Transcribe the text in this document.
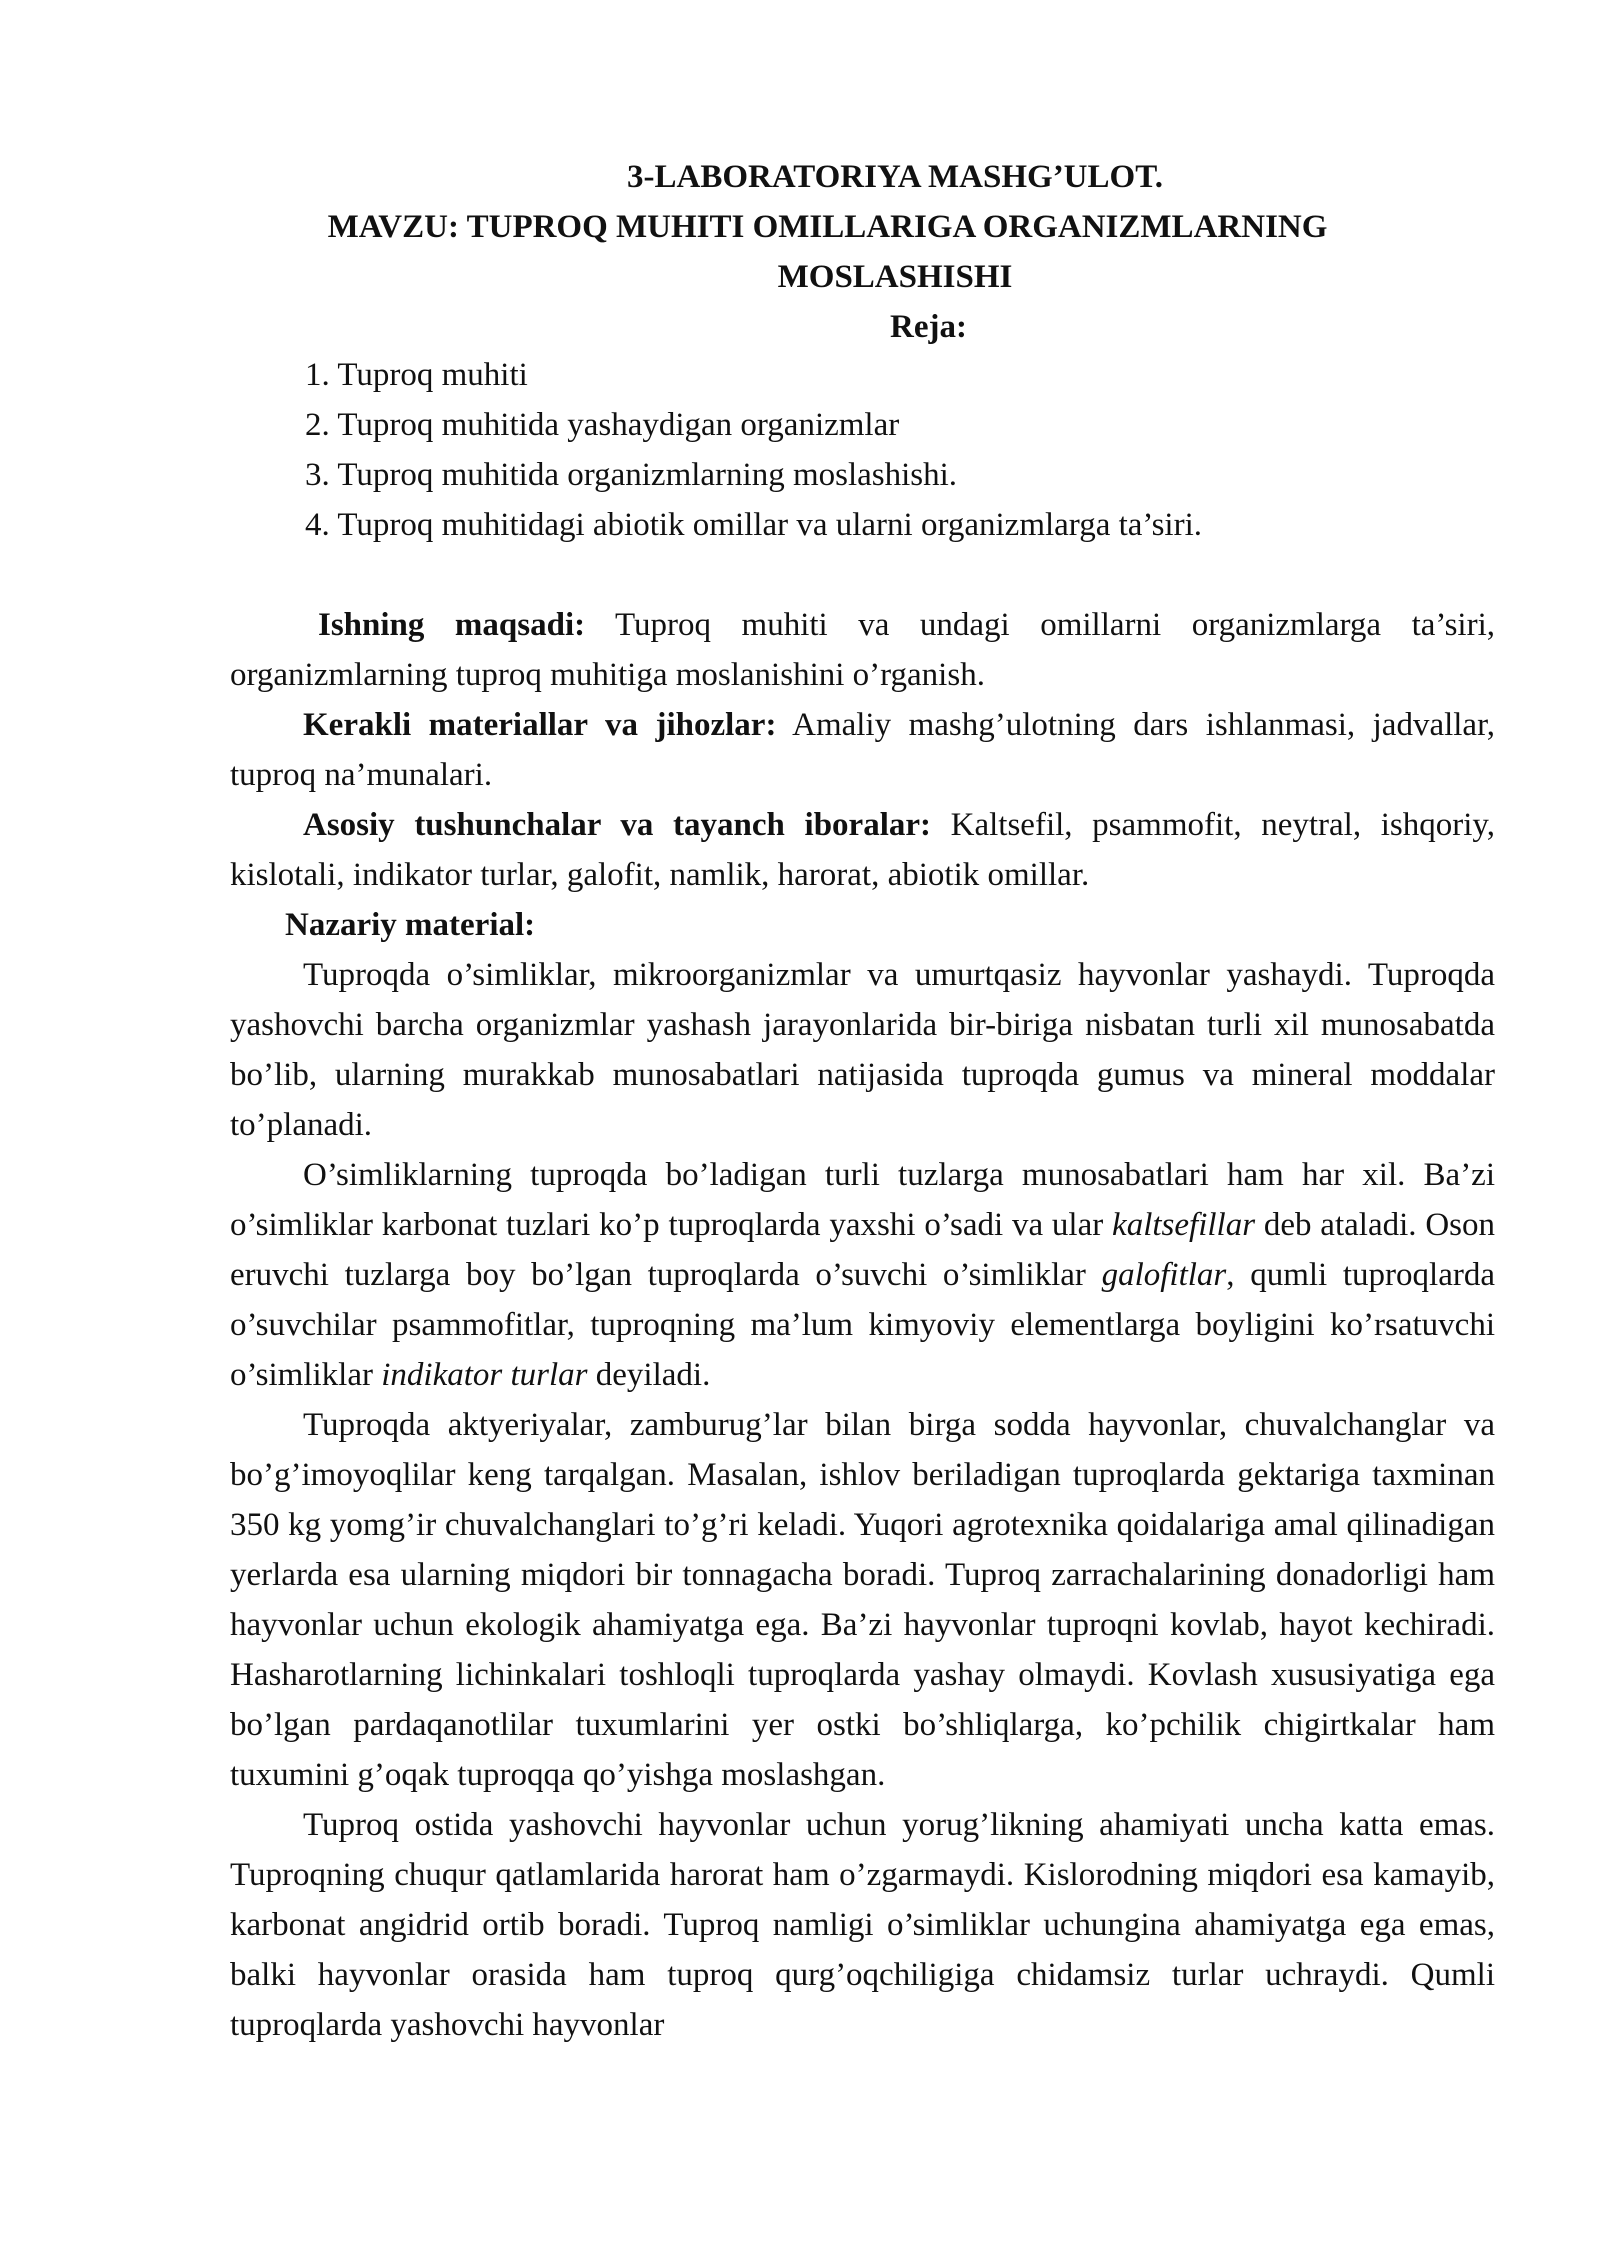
3-LABORATORIYA MASHG’ULOT.
MAVZU: TUPROQ MUHITI OMILLARIGA ORGANIZMLARNING
MOSLASHISHI
Reja:
1. Tuproq muhiti
2. Tuproq muhitida yashaydigan organizmlar
3. Tuproq muhitida organizmlarning moslashishi.
4. Tuproq muhitidagi abiotik omillar va ularni organizmlarga ta’siri.

Ishning maqsadi: Tuproq muhiti va undagi omillarni organizmlarga ta’siri, organizmlarning tuproq muhitiga moslanishini o’rganish.

Kerakli materiallar va jihozlar: Amaliy mashg’ulotning dars ishlanmasi, jadvallar, tuproq na’munalari.

Asosiy tushunchalar va tayanch iboralar: Kaltsefil, psammofit, neytral, ishqoriy, kislotali, indikator turlar, galofit, namlik, harorat, abiotik omillar.

Nazariy material:

Tuproqda o’simliklar, mikroorganizmlar va umurtqasiz hayvonlar yashaydi. Tuproqda yashovchi barcha organizmlar yashash jarayonlarida bir-biriga nisbatan turli xil munosabatda bo’lib, ularning murakkab munosabatlari natijasida tuproqda gumus va mineral moddalar to’planadi.

O’simliklarning tuproqda bo’ladigan turli tuzlarga munosabatlari ham har xil. Ba’zi o’simliklar karbonat tuzlari ko’p tuproqlarda yaxshi o’sadi va ular kaltsefillar deb ataladi. Oson eruvchi tuzlarga boy bo’lgan tuproqlarda o’suvchi o’simliklar galofitlar, qumli tuproqlarda o’suvchilar psammofitlar, tuproqning ma’lum kimyoviy elementlarga boyligini ko’rsatuvchi o’simliklar indikator turlar deyiladi.

Tuproqda aktyeriyalar, zamburug’lar bilan birga sodda hayvonlar, chuvalchanglar va bo’g’imoyoqlilar keng tarqalgan. Masalan, ishlov beriladigan tuproqlarda gektariga taxminan 350 kg yomg’ir chuvalchanglari to’g’ri keladi. Yuqori agrotexnika qoidalariga amal qilinadigan yerlarda esa ularning miqdori bir tonnagacha boradi. Tuproq zarrachalarining donadorligi ham hayvonlar uchun ekologik ahamiyatga ega. Ba’zi hayvonlar tuproqni kovlab, hayot kechiradi. Hasharotlarning lichinkalari toshloqli tuproqlarda yashay olmaydi. Kovlash xususiyatiga ega bo’lgan pardaqanotlilar tuxumlarini yer ostki bo’shliqlarga, ko’pchilik chigirtkalar ham tuxumini g’oqak tuproqqa qo’yishga moslashgan.

Tuproq ostida yashovchi hayvonlar uchun yorug’likning ahamiyati uncha katta emas. Tuproqning chuqur qatlamlarida harorat ham o’zgarmaydi. Kislorodning miqdori esa kamayib, karbonat angidrid ortib boradi. Tuproq namligi o’simliklar uchungina ahamiyatga ega emas, balki hayvonlar orasida ham tuproq qurg’oqchiligiga chidamsiz turlar uchraydi. Qumli tuproqlarda yashovchi hayvonlar
